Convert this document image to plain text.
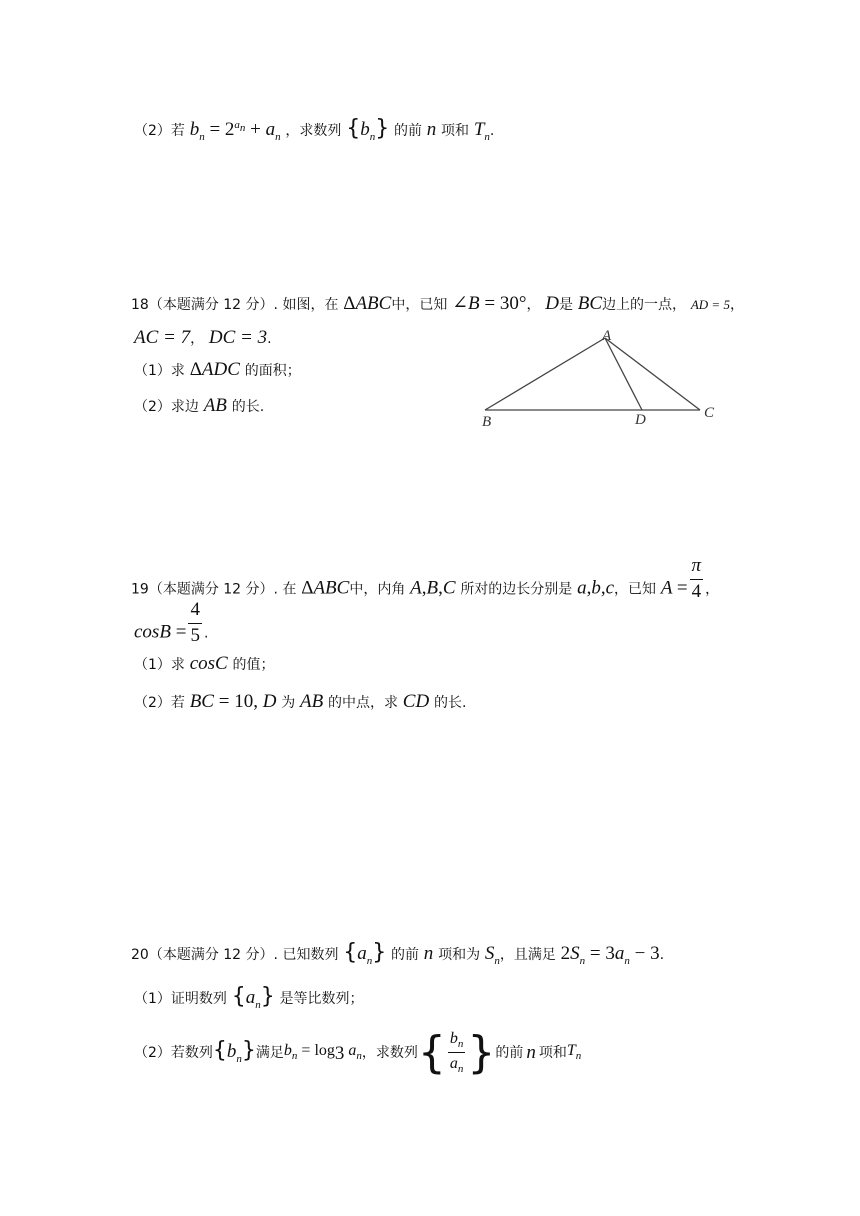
（2）若 $b_n = 2^{a_n} + a_n$ ，求数列 $\{b_n\}$ 的前 n 项和 $T_n$.
18（本题满分 12 分）. 如图，在 ΔABC中，已知 ∠B = 30°， D是 BC边上的一点， AD = 5，
AC = 7， DC = 3.
（1）求 ΔADC 的面积；
（2）求边 AB 的长.
A
B	D	C
19（本题满分 12 分）. 在 ΔABC中，内角 A,B,C 所对的边长分别是 a,b,c，已知 $A = \frac{\pi}{4}$ ，
$\cos B = \frac{4}{5}$ .
（1）求 cosC 的值；
（2）若 BC = 10, D 为 AB 的中点，求 CD 的长.
20（本题满分 12 分）. 已知数列 $\{a_n\}$ 的前 n 项和为 $S_n$，且满足 $2S_n = 3a_n - 3$.
（1）证明数列 $\{a_n\}$ 是等比数列；
（2）若数列 $\{b_n\}$ 满足 $b_n = \log_3 a_n$ ，求数列 { $\frac{b_n}{a_n}$ } 的前 n 项和 $T_n$
